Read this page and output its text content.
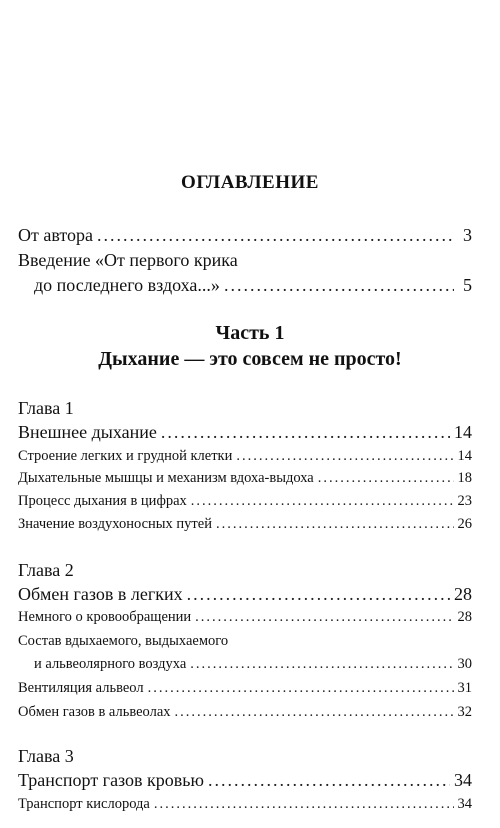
ОГЛАВЛЕНИЕ
От автора .....	3
Введение «От первого крика
до последнего вздоха...» .....	5
Часть 1
Дыхание — это совсем не просто!
Глава 1
Внешнее дыхание .....	14
Строение легких и грудной клетки .....	14
Дыхательные мышцы и механизм вдоха-выдоха .....	18
Процесс дыхания в цифрах .....	23
Значение воздухоносных путей .....	26
Глава 2
Обмен газов в легких .....	28
Немного о кровообращении .....	28
Состав вдыхаемого, выдыхаемого
и альвеолярного воздуха .....	30
Вентиляция альвеол .....	31
Обмен газов в альвеолах .....	32
Глава 3
Транспорт газов кровью .....	34
Транспорт кислорода .....	34
